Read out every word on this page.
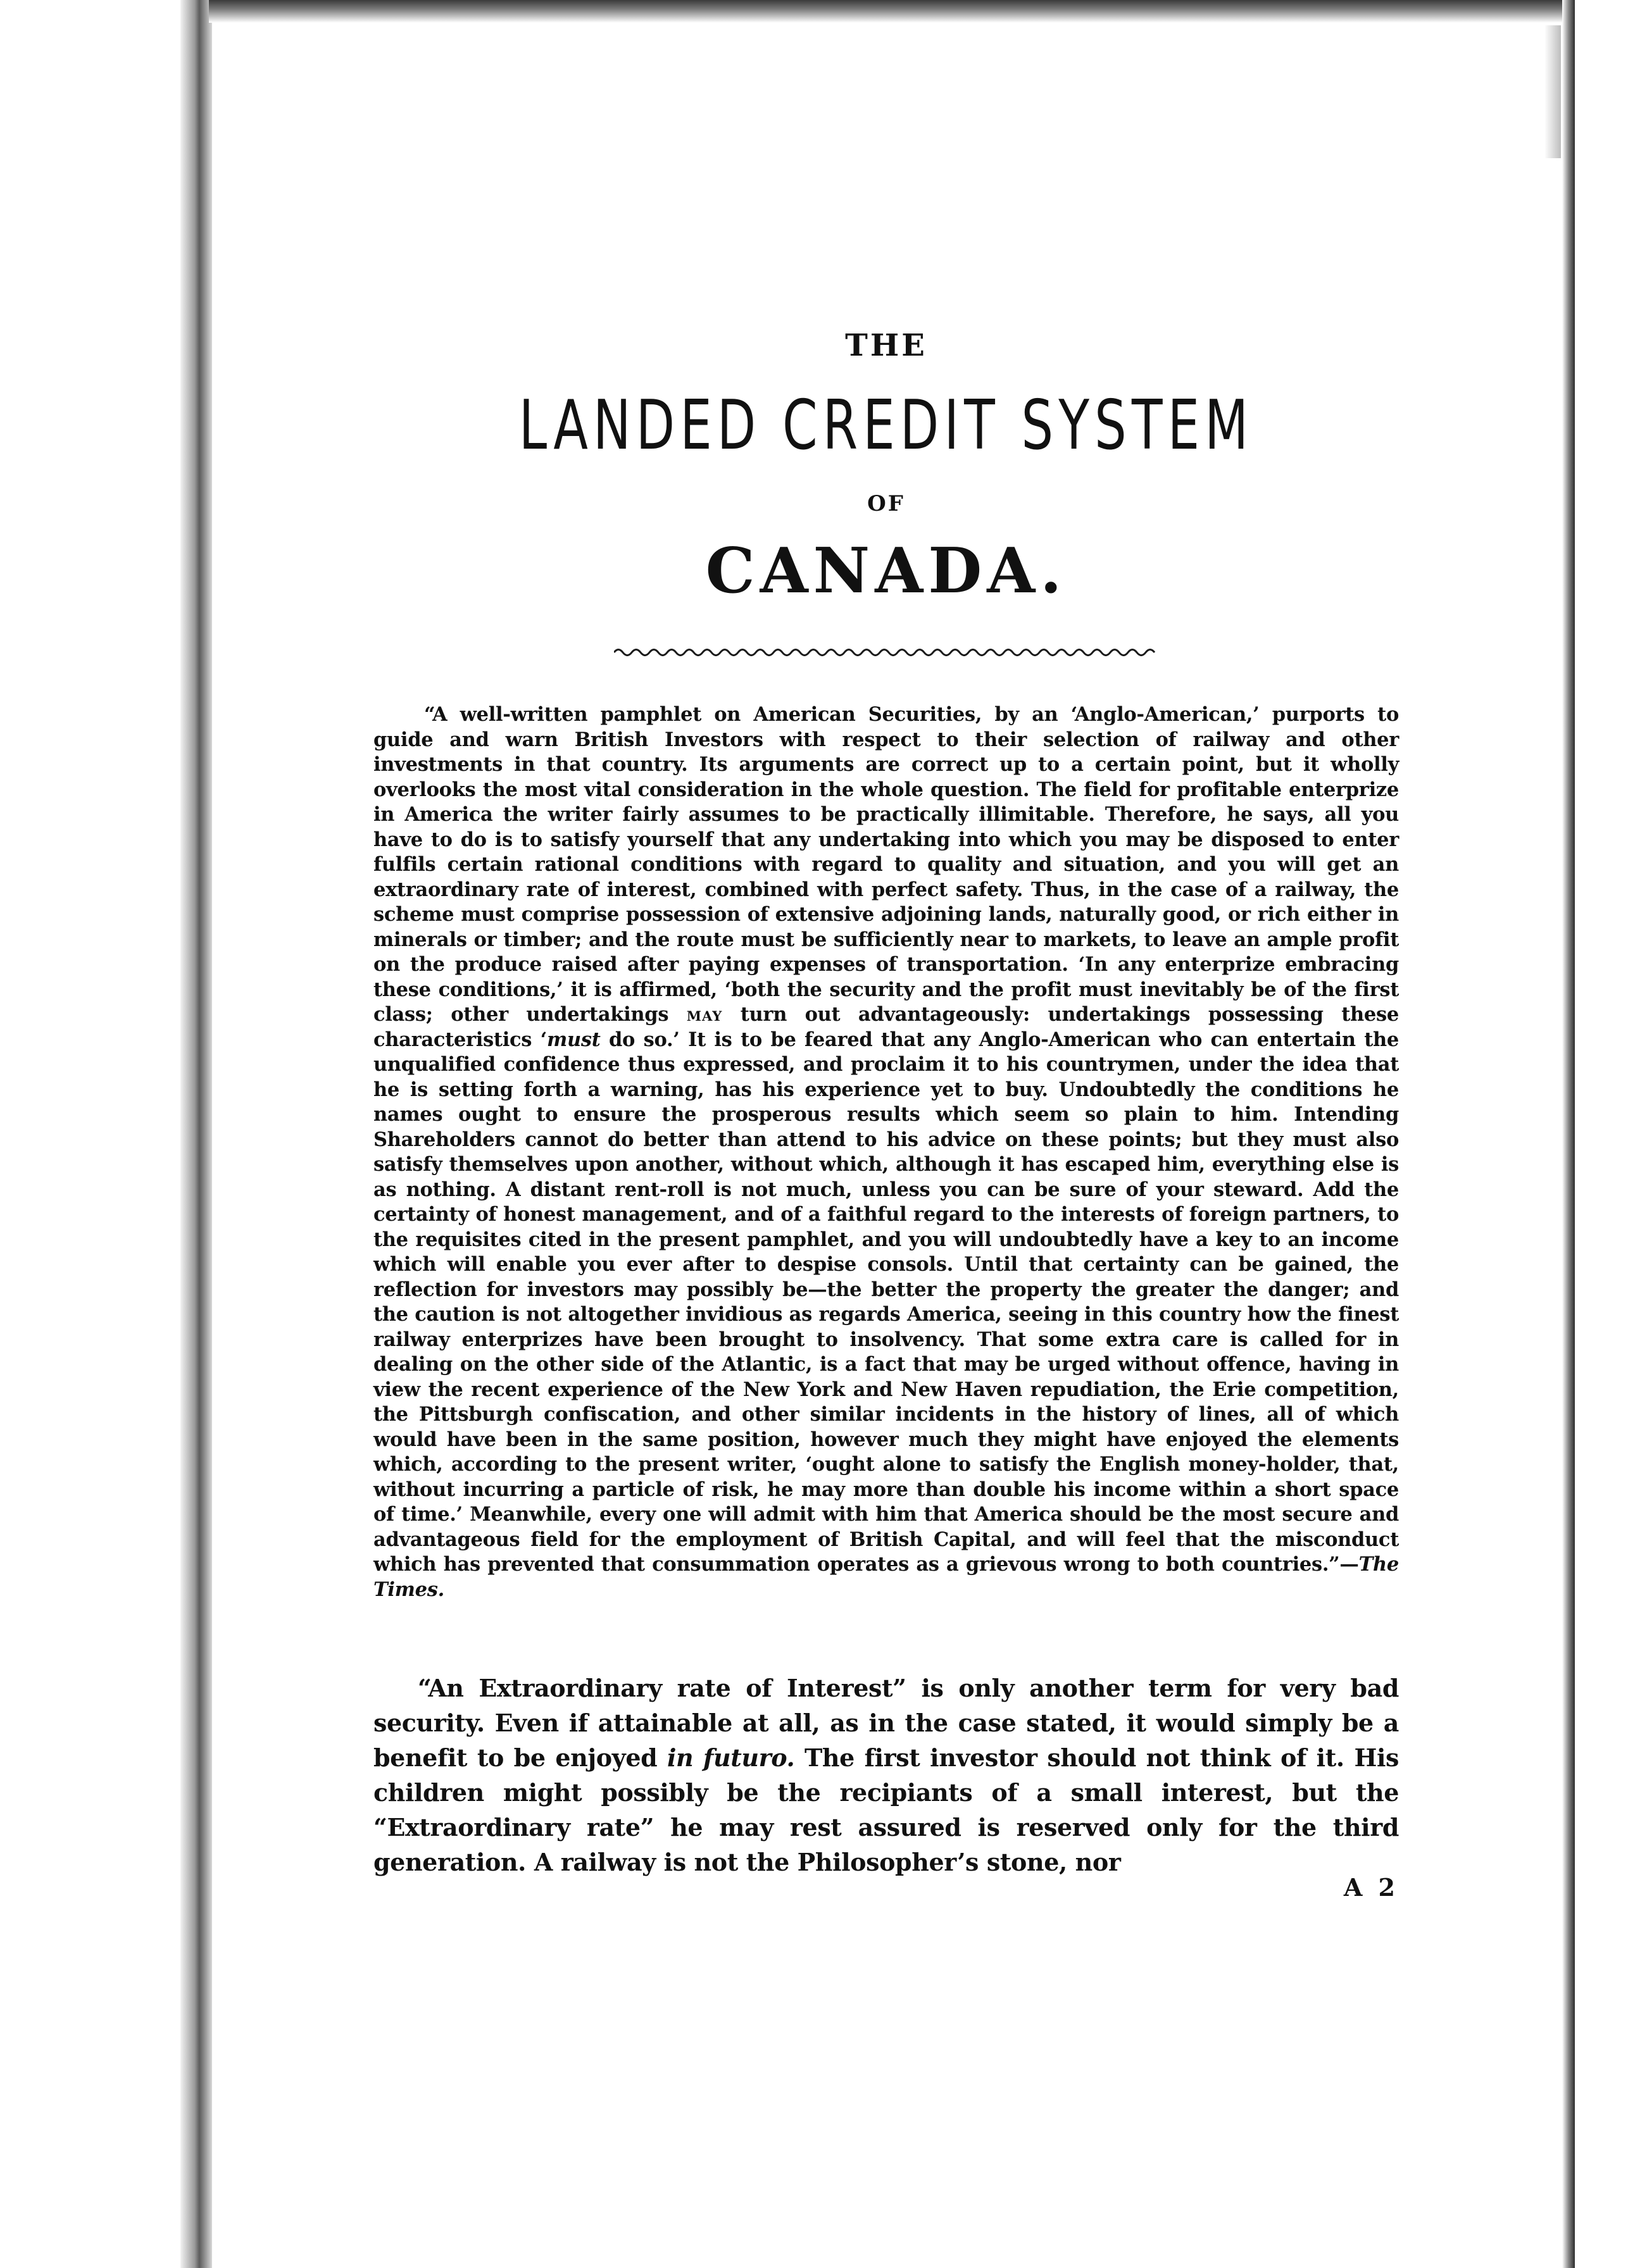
THE
LANDED CREDIT SYSTEM
OF
CANADA.
“A well-written pamphlet on American Securities, by an ‘Anglo-American,’ purports to guide and warn British Investors with respect to their selection of railway and other investments in that country. Its arguments are correct up to a certain point, but it wholly overlooks the most vital consideration in the whole question. The field for profitable enterprize in America the writer fairly assumes to be practically illimitable. Therefore, he says, all you have to do is to satisfy yourself that any undertaking into which you may be disposed to enter fulfils certain rational conditions with regard to quality and situation, and you will get an extraordinary rate of interest, combined with perfect safety. Thus, in the case of a railway, the scheme must comprise possession of extensive adjoining lands, naturally good, or rich either in minerals or timber; and the route must be sufficiently near to markets, to leave an ample profit on the produce raised after paying expenses of transportation. ‘In any enterprize embracing these conditions,’ it is affirmed, ‘both the security and the profit must inevitably be of the first class; other undertakings may turn out advantageously: undertakings possessing these characteristics ‘must do so.’ It is to be feared that any Anglo-American who can entertain the unqualified confidence thus expressed, and proclaim it to his countrymen, under the idea that he is setting forth a warning, has his experience yet to buy. Undoubtedly the conditions he names ought to ensure the prosperous results which seem so plain to him. Intending Shareholders cannot do better than attend to his advice on these points; but they must also satisfy themselves upon another, without which, although it has escaped him, everything else is as nothing. A distant rent-roll is not much, unless you can be sure of your steward. Add the certainty of honest management, and of a faithful regard to the interests of foreign partners, to the requisites cited in the present pamphlet, and you will undoubtedly have a key to an income which will enable you ever after to despise consols. Until that certainty can be gained, the reflection for investors may possibly be—the better the property the greater the danger; and the caution is not altogether invidious as regards America, seeing in this country how the finest railway enterprizes have been brought to insolvency. That some extra care is called for in dealing on the other side of the Atlantic, is a fact that may be urged without offence, having in view the recent experience of the New York and New Haven repudiation, the Erie competition, the Pittsburgh confiscation, and other similar incidents in the history of lines, all of which would have been in the same position, however much they might have enjoyed the elements which, according to the present writer, ‘ought alone to satisfy the English money-holder, that, without incurring a particle of risk, he may more than double his income within a short space of time.’ Meanwhile, every one will admit with him that America should be the most secure and advantageous field for the employment of British Capital, and will feel that the misconduct which has prevented that consummation operates as a grievous wrong to both countries.”—The Times.
“An Extraordinary rate of Interest” is only another term for very bad security. Even if attainable at all, as in the case stated, it would simply be a benefit to be enjoyed in futuro. The first investor should not think of it. His children might possibly be the recipiants of a small interest, but the “Extraordinary rate” he may rest assured is reserved only for the third generation. A railway is not the Philosopher’s stone, nor
A 2
